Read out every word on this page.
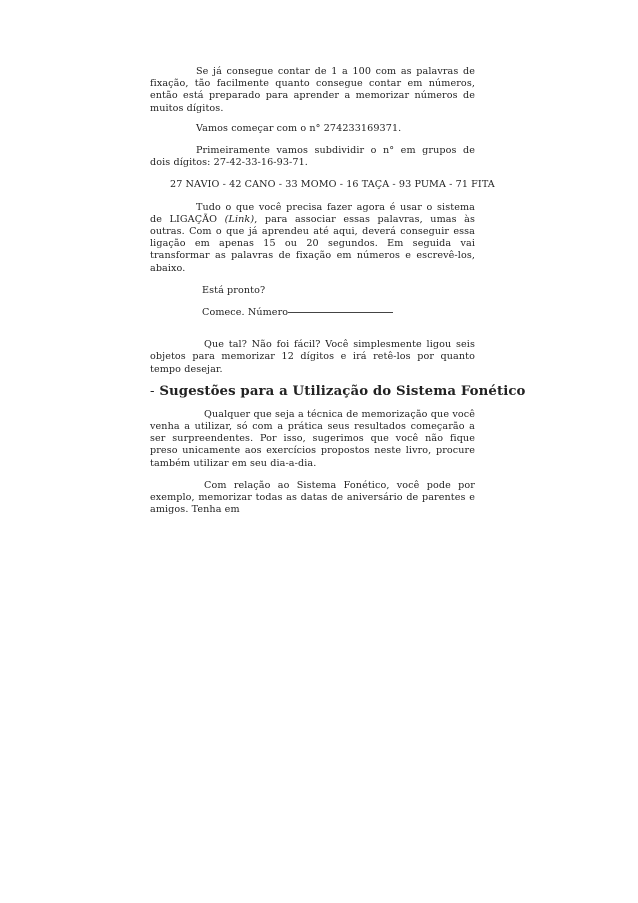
Se já consegue contar de 1 a 100 com as palavras de fixação, tão facilmente quanto consegue contar em números, então está preparado para aprender a memorizar números de muitos dígitos.

Vamos começar com o n° 274233169371.

Primeiramente vamos subdividir o n° em grupos de dois dígitos: 27-42-33-16-93-71.

27 NAVIO - 42 CANO - 33 MOMO - 16 TAÇA - 93 PUMA - 71 FITA

Tudo o que você precisa fazer agora é usar o sistema de LIGAÇÃO (Link), para associar essas palavras, umas às outras. Com o que já aprendeu até aqui, deverá conseguir essa ligação em apenas 15 ou 20 segundos. Em seguida vai transformar as palavras de fixação em números e escrevê-los, abaixo.

Está pronto?

Comece. Número

Que tal? Não foi fácil? Você simplesmente ligou seis objetos para memorizar 12 dígitos e irá retê-los por quanto tempo desejar.

- Sugestões para a Utilização do Sistema Fonético

Qualquer que seja a técnica de memorização que você venha a utilizar, só com a prática seus resultados começarão a ser surpreendentes. Por isso, sugerimos que você não fique preso unicamente aos exercícios propostos neste livro, procure também utilizar em seu dia-a-dia.

Com relação ao Sistema Fonético, você pode por exemplo, memorizar todas as datas de aniversário de parentes e amigos. Tenha em
